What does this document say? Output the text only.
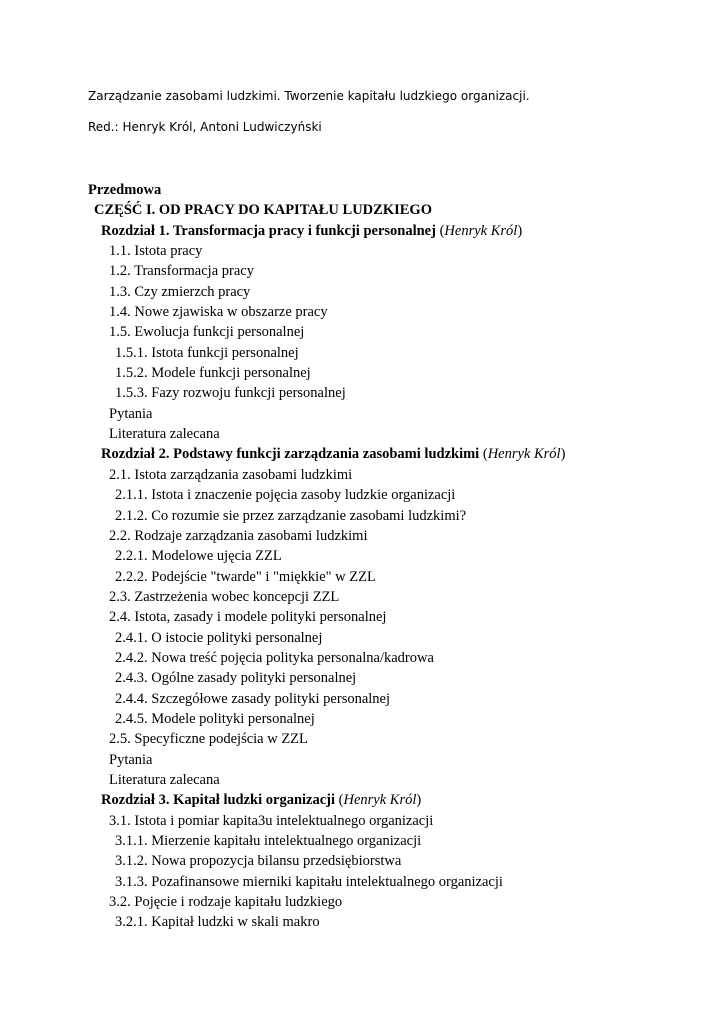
Zarządzanie zasobami ludzkimi. Tworzenie kapitału ludzkiego organizacji.
Red.: Henryk Król, Antoni Ludwiczyński
Przedmowa
CZĘŚĆ I. OD PRACY DO KAPITAŁU LUDZKIEGO
Rozdział 1. Transformacja pracy i funkcji personalnej (Henryk Król)
1.1. Istota pracy
1.2. Transformacja pracy
1.3. Czy zmierzch pracy
1.4. Nowe zjawiska w obszarze pracy
1.5. Ewolucja funkcji personalnej
1.5.1. Istota funkcji personalnej
1.5.2. Modele funkcji personalnej
1.5.3. Fazy rozwoju funkcji personalnej
Pytania
Literatura zalecana
Rozdział 2. Podstawy funkcji zarządzania zasobami ludzkimi (Henryk Król)
2.1. Istota zarządzania zasobami ludzkimi
2.1.1. Istota i znaczenie pojęcia zasoby ludzkie organizacji
2.1.2. Co rozumie sie przez zarządzanie zasobami ludzkimi?
2.2. Rodzaje zarządzania zasobami ludzkimi
2.2.1. Modelowe ujęcia ZZL
2.2.2. Podejście "twarde" i "miękkie" w ZZL
2.3. Zastrzeżenia wobec koncepcji ZZL
2.4. Istota, zasady i modele polityki personalnej
2.4.1. O istocie polityki personalnej
2.4.2. Nowa treść pojęcia polityka personalna/kadrowa
2.4.3. Ogólne zasady polityki personalnej
2.4.4. Szczegółowe zasady polityki personalnej
2.4.5. Modele polityki personalnej
2.5. Specyficzne podejścia w ZZL
Pytania
Literatura zalecana
Rozdział 3. Kapitał ludzki organizacji (Henryk Król)
3.1. Istota i pomiar kapita3u intelektualnego organizacji
3.1.1. Mierzenie kapitału intelektualnego organizacji
3.1.2. Nowa propozycja bilansu przedsiębiorstwa
3.1.3. Pozafinansowe mierniki kapitału intelektualnego organizacji
3.2. Pojęcie i rodzaje kapitału ludzkiego
3.2.1. Kapitał ludzki w skali makro
